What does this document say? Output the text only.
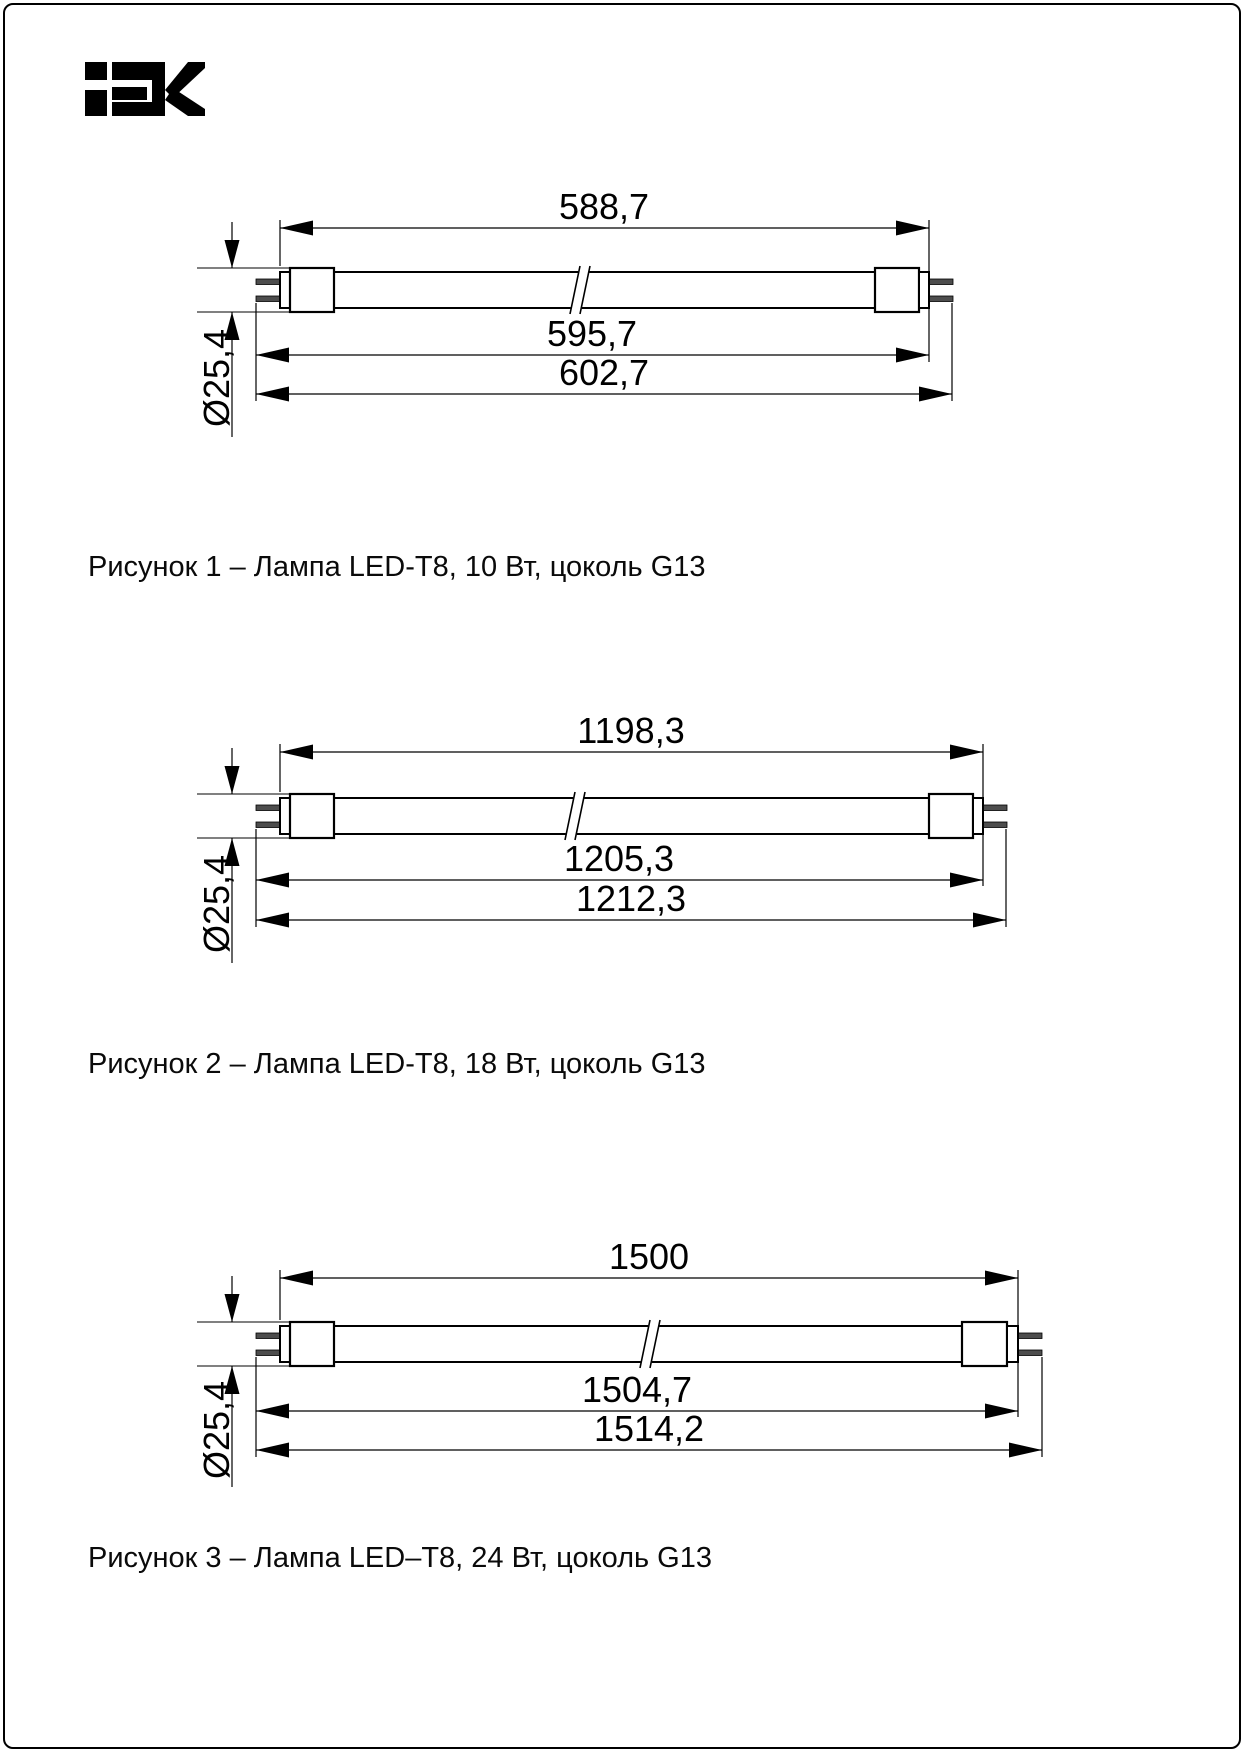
588,7
595,7
602,7
Ø25,4
Рисунок 1 – Лампа LED-T8, 10 Вт, цоколь G13
1198,3
1205,3
1212,3
Ø25,4
Рисунок 2 – Лампа LED-T8, 18 Вт, цоколь G13
1500
1504,7
1514,2
Ø25,4
Рисунок 3 – Лампа LED–T8, 24 Вт, цоколь G13
